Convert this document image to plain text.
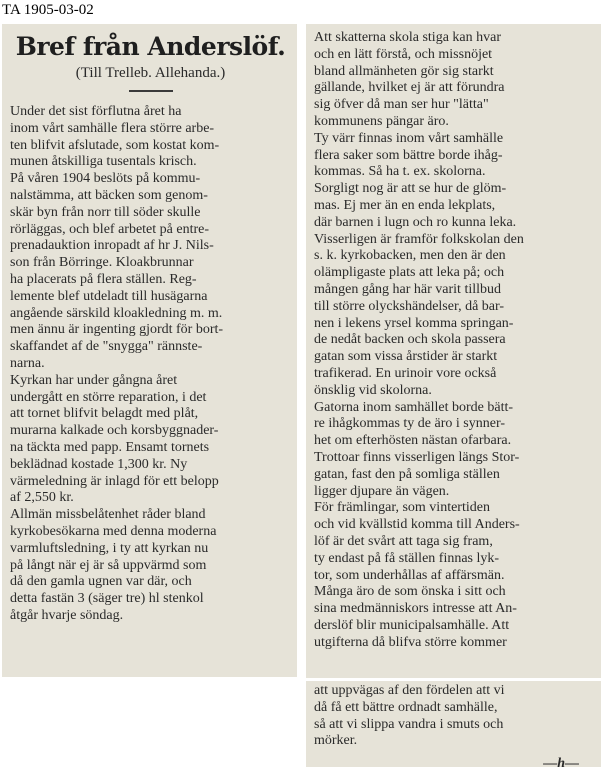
TA 1905-03-02
Bref från Anderslöf.
(Till Trelleb. Allehanda.)

Under det sist förflutna året ha
inom vårt samhälle flera större arbe-
ten blifvit afslutade, som kostat kom-
munen åtskilliga tusentals krisch.

På våren 1904 beslöts på kommu-
nalstämma, att bäcken som genom-
skär byn från norr till söder skulle
rörläggas, och blef arbetet på entre-
prenadauktion inropadt af hr J. Nils-
son från Börringe. Kloakbrunnar
ha placerats på flera ställen. Reg-
lemente blef utdeladt till husägarna
angående särskild kloakledning m. m.
men ännu är ingenting gjordt för bort-
skaffandet af de "snygga" rännste-
narna.

Kyrkan har under gångna året
undergått en större reparation, i det
att tornet blifvit belagdt med plåt,
murarna kalkade och korsbyggnader-
na täckta med papp. Ensamt tornets
beklädnad kostade 1,300 kr. Ny
värmeledning är inlagd för ett belopp
af 2,550 kr.

Allmän missbelåtenhet råder bland
kyrkobesökarna med denna moderna
varmluftsledning, i ty att kyrkan nu
på långt när ej är så uppvärmd som
då den gamla ugnen var där, och
detta fastän 3 (säger tre) hl stenkol
åtgår hvarje söndag.

Att skatterna skola stiga kan hvar
och en lätt förstå, och missnöjet
bland allmänheten gör sig starkt
gällande, hvilket ej är att förundra
sig öfver då man ser hur "lätta"
kommunens pängar äro.

Ty värr finnas inom vårt samhälle
flera saker som bättre borde ihåg-
kommas. Så ha t. ex. skolorna.
Sorgligt nog är att se hur de glöm-
mas. Ej mer än en enda lekplats,
där barnen i lugn och ro kunna leka.
Visserligen är framför folkskolan den
s. k. kyrkobacken, men den är den
olämpligaste plats att leka på; och
mången gång har här varit tillbud
till större olyckshändelser, då bar-
nen i lekens yrsel komma springan-
de nedåt backen och skola passera
gatan som vissa årstider är starkt
trafikerad. En urinoir vore också
önsklig vid skolorna.

Gatorna inom samhället borde bätt-
re ihågkommas ty de äro i synner-
het om efterhösten nästan ofarbara.
Trottoar finns visserligen längs Stor-
gatan, fast den på somliga ställen
ligger djupare än vägen.

För främlingar, som vintertiden
och vid kvällstid komma till Anders-
löf är det svårt att taga sig fram,
ty endast på få ställen finnas lyk-
tor, som underhållas af affärsmän.

Många äro de som önska i sitt och
sina medmänniskors intresse att An-
derslöf blir municipalsamhälle. Att
utgifterna då blifva större kommer

att uppvägas af den fördelen att vi
då få ett bättre ordnadt samhälle,
så att vi slippa vandra i smuts och
mörker.

—h—
